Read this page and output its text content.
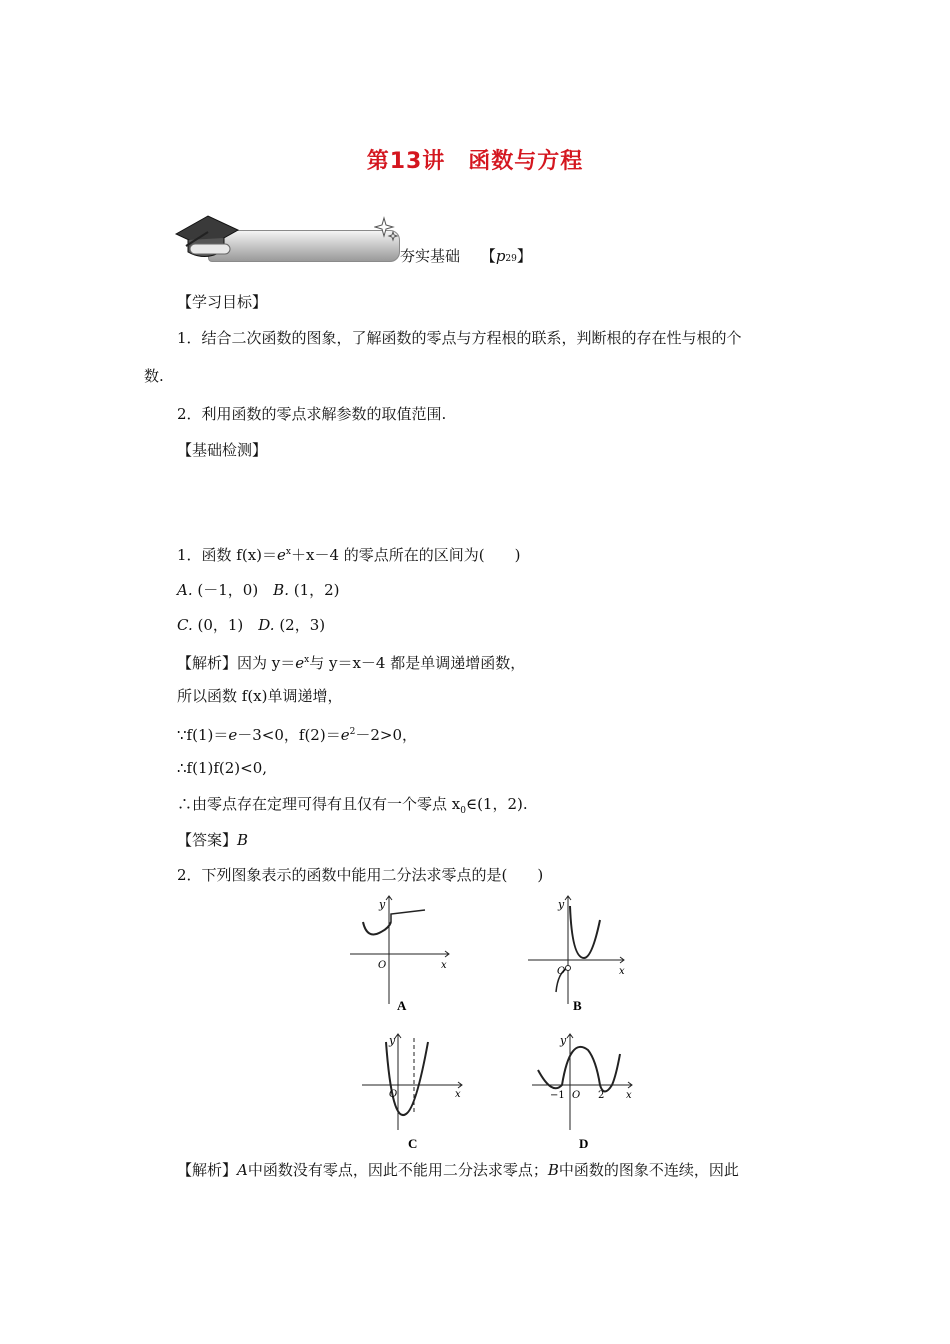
第13讲　函数与方程
夯实基础 【p29】
【学习目标】
1．结合二次函数的图象，了解函数的零点与方程根的联系，判断根的存在性与根的个
数.
2．利用函数的零点求解参数的取值范围.
【基础检测】
1．函数 $f(x)=e^x+x-4$ 的零点所在的区间为(　　)
A. (－1，0)　B. (1，2)
C. (0，1)　D. (2，3)
【解析】因为 $y=e^x$与 y＝x－4 都是单调递增函数，
所以函数 f(x)单调递增，
∵f(1)＝e－3<0，$f(2)=e^2-2>0$，
∴f(1)f(2)<0,
∴由零点存在定理可得有且仅有一个零点 $x_0\in(1$，2).
【答案】B
2．下列图象表示的函数中能用二分法求零点的是(　　)
y
x
O
A
y
x
O
B
y
x
O
C
y
x
−1 O 2
D
【解析】A中函数没有零点，因此不能用二分法求零点；B中函数的图象不连续，因此
